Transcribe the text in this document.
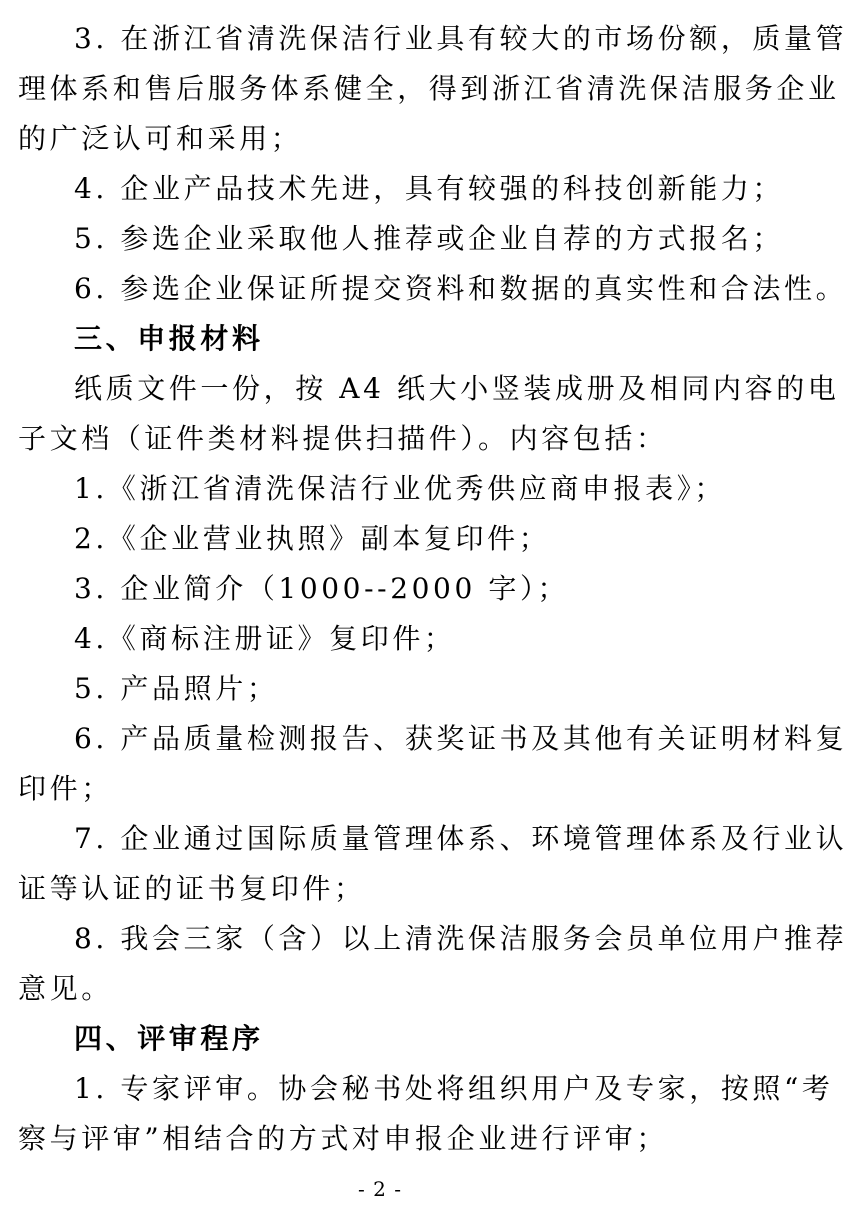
3. 在浙江省清洗保洁行业具有较大的市场份额，质量管
理体系和售后服务体系健全，得到浙江省清洗保洁服务企业
的广泛认可和采用；
4. 企业产品技术先进，具有较强的科技创新能力；
5. 参选企业采取他人推荐或企业自荐的方式报名；
6. 参选企业保证所提交资料和数据的真实性和合法性。
三、申报材料
纸质文件一份，按 A4 纸大小竖装成册及相同内容的电
子文档（证件类材料提供扫描件）。内容包括：
1.《浙江省清洗保洁行业优秀供应商申报表》；
2.《企业营业执照》副本复印件；
3. 企业简介（1000--2000 字）；
4.《商标注册证》复印件；
5. 产品照片；
6. 产品质量检测报告、获奖证书及其他有关证明材料复
印件；
7. 企业通过国际质量管理体系、环境管理体系及行业认
证等认证的证书复印件；
8. 我会三家（含）以上清洗保洁服务会员单位用户推荐
意见。
四、评审程序
1. 专家评审。协会秘书处将组织用户及专家，按照“考
察与评审”相结合的方式对申报企业进行评审；
- 2 -
